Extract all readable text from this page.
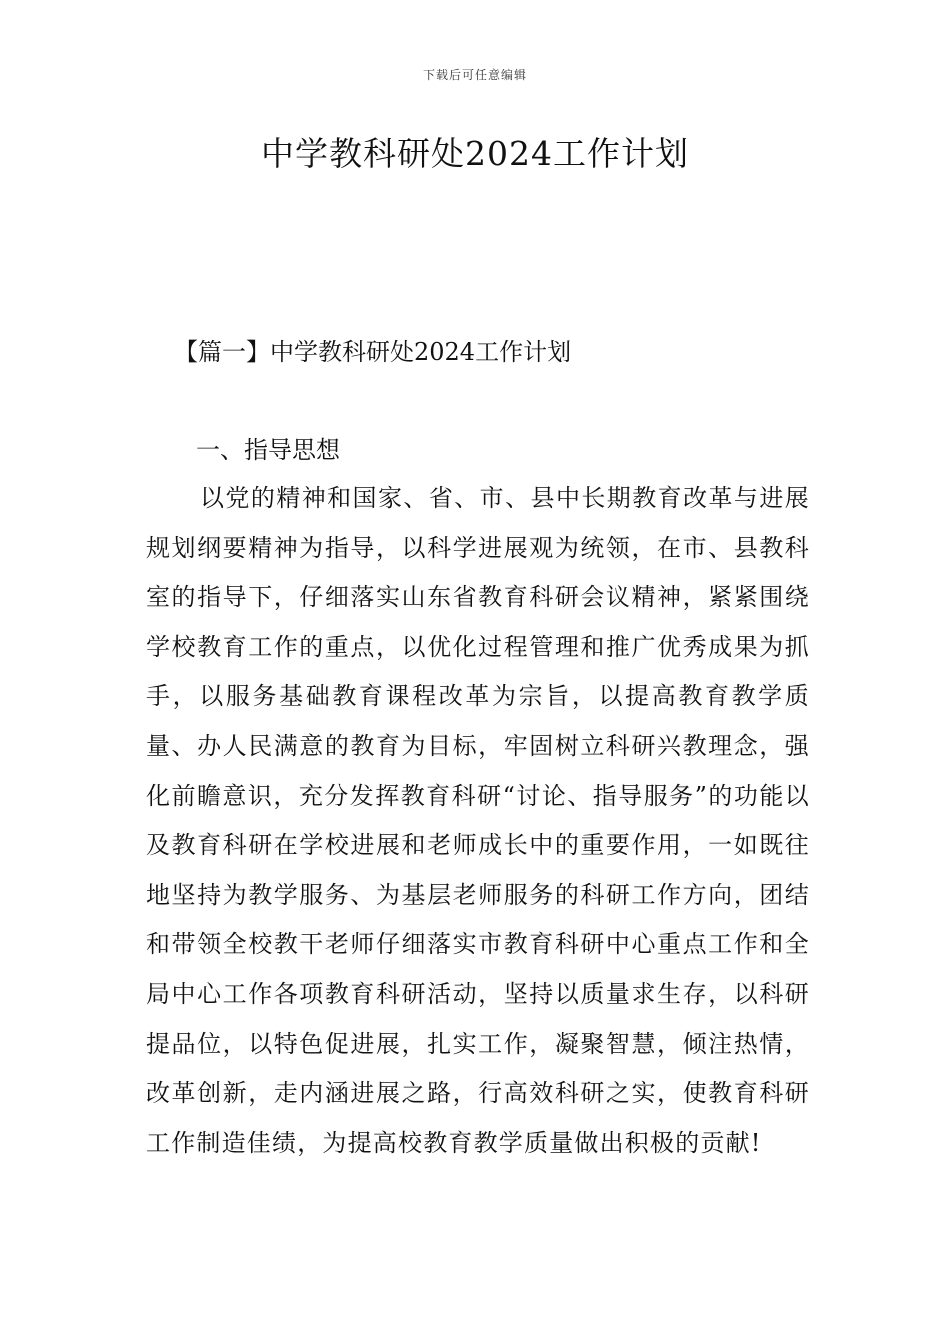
下载后可任意编辑
中学教科研处2024工作计划

【篇一】中学教科研处2024工作计划

一、指导思想

以党的精神和国家、省、市、县中长期教育改革与进展规划纲要精神为指导，以科学进展观为统领，在市、县教科室的指导下，仔细落实山东省教育科研会议精神，紧紧围绕学校教育工作的重点，以优化过程管理和推广优秀成果为抓手，以服务基础教育课程改革为宗旨，以提高教育教学质量、办人民满意的教育为目标，牢固树立科研兴教理念，强化前瞻意识，充分发挥教育科研“讨论、指导服务”的功能以及教育科研在学校进展和老师成长中的重要作用，一如既往地坚持为教学服务、为基层老师服务的科研工作方向，团结和带领全校教干老师仔细落实市教育科研中心重点工作和全局中心工作各项教育科研活动，坚持以质量求生存，以科研提品位，以特色促进展，扎实工作，凝聚智慧，倾注热情，改革创新，走内涵进展之路，行高效科研之实，使教育科研工作制造佳绩，为提高校教育教学质量做出积极的贡献!
